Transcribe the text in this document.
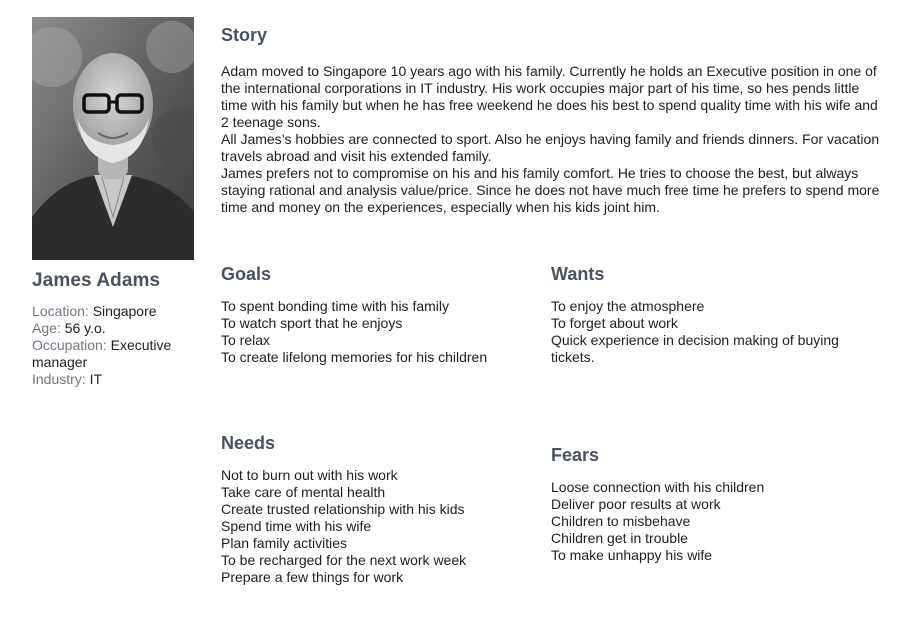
James Adams
Location: Singapore
Age: 56 y.o.
Occupation: Executive manager
Industry: IT
Story

Adam moved to Singapore 10 years ago with his family. Currently he holds an Executive position in one of the international corporations in IT industry. His work occupies major part of his time, so hes pends little time with his family but when he has free weekend he does his best to spend quality time with his wife and 2 teenage sons.

All James’s hobbies are connected to sport. Also he enjoys having family and friends dinners. For vacation travels abroad and visit his extended family.

James prefers not to compromise on his and his family comfort. He tries to choose the best, but always staying rational and analysis value/price. Since he does not have much free time he prefers to spend more time and money on the experiences, especially when his kids joint him.

Goals
To spent bonding time with his family
To watch sport that he enjoys
To relax
To create lifelong memories for his children
Wants
To enjoy the atmosphere
To forget about work
Quick experience in decision making of buying tickets.
Needs
Not to burn out with his work
Take care of mental health
Create trusted relationship with his kids
Spend time with his wife
Plan family activities
To be recharged for the next work week
Prepare a few things for work
Fears
Loose connection with his children
Deliver poor results at work
Children to misbehave
Children get in trouble
To make unhappy his wife
